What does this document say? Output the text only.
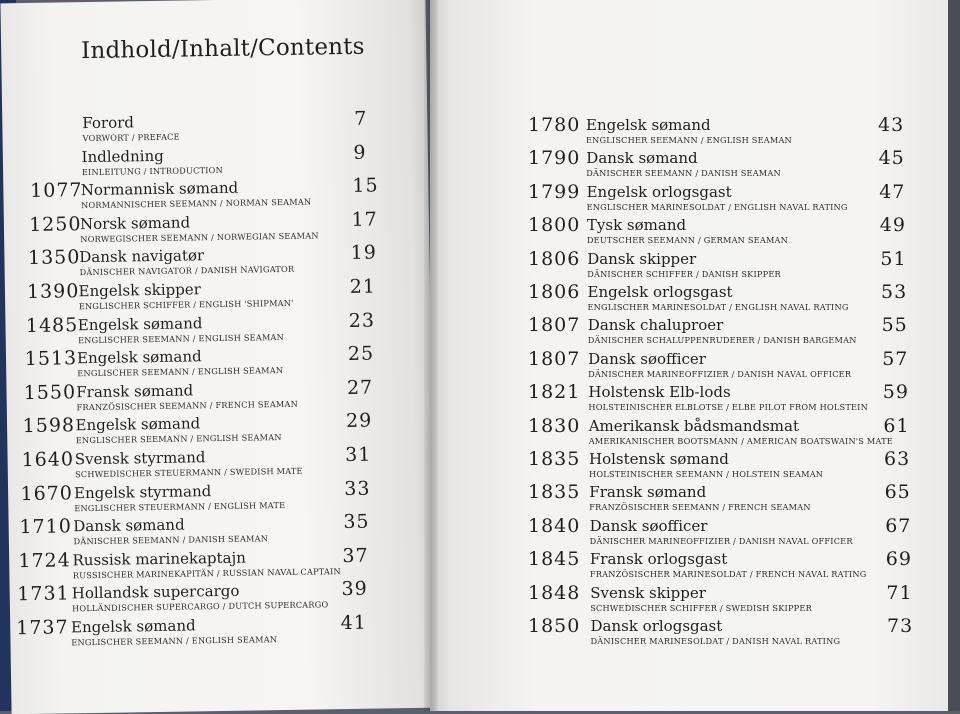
Indhold/Inhalt/Contents
Forord
VORWORT / PREFACE
7
Indledning
EINLEITUNG / INTRODUCTION
9
1077
Normannisk sømand
NORMANNISCHER SEEMANN / NORMAN SEAMAN
15
1250
Norsk sømand
NORWEGISCHER SEEMANN / NORWEGIAN SEAMAN
17
1350
Dansk navigatør
DÄNISCHER NAVIGATOR / DANISH NAVIGATOR
19
1390
Engelsk skipper
ENGLISCHER SCHIFFER / ENGLISH 'SHIPMAN'
21
1485 Engelsk sømand
ENGLISCHER SEEMANN / ENGLISH SEAMAN
23
1513 Engelsk sømand
ENGLISCHER SEEMANN / ENGLISH SEAMAN
25
1550 Fransk sømand
FRANZÖSISCHER SEEMANN / FRENCH SEAMAN
27
1598 Engelsk sømand
ENGLISCHER SEEMANN / ENGLISH SEAMAN
29
1640 Svensk styrmand
SCHWEDISCHER STEUERMANN / SWEDISH MATE
31
1670 Engelsk styrmand
ENGLISCHER STEUERMANN / ENGLISH MATE
33
1710 Dansk sømand
DÄNISCHER SEEMANN / DANISH SEAMAN
35
1724 Russisk marinekaptajn
RUSSISCHER MARINEKAPITÄN / RUSSIAN NAVAL CAPTAIN
37
1731 Hollandsk supercargo
HOLLÄNDISCHER SUPERCARGO / DUTCH SUPERCARGO
39
1737 Engelsk sømand
ENGLISCHER SEEMANN / ENGLISH SEAMAN
41
1780 Engelsk sømand
ENGLISCHER SEEMANN / ENGLISH SEAMAN
43
1790 Dansk sømand
DÄNISCHER SEEMANN / DANISH SEAMAN
45
1799 Engelsk orlogsgast
ENGLISCHER MARINESOLDAT / ENGLISH NAVAL RATING
47
1800 Tysk sømand
DEUTSCHER SEEMANN / GERMAN SEAMAN
49
1806 Dansk skipper
DÄNISCHER SCHIFFER / DANISH SKIPPER
51
1806 Engelsk orlogsgast
ENGLISCHER MARINESOLDAT / ENGLISH NAVAL RATING
53
1807 Dansk chaluproer
DÄNISCHER SCHALUPPENRUDERER / DANISH BARGEMAN
55
1807 Dansk søofficer
DÄNISCHER MARINEOFFIZIER / DANISH NAVAL OFFICER
57
1821 Holstensk Elb-lods
HOLSTEINISCHER ELBLOTSE / ELBE PILOT FROM HOLSTEIN
59
1830 Amerikansk bådsmandsmat
AMERIKANISCHER BOOTSMANN / AMERICAN BOATSWAIN'S MATE
61
1835 Holstensk sømand
HOLSTEINISCHER SEEMANN / HOLSTEIN SEAMAN
63
1835 Fransk sømand
FRANZÖSISCHER SEEMANN / FRENCH SEAMAN
65
1840 Dansk søofficer
DÄNISCHER MARINEOFFIZIER / DANISH NAVAL OFFICER
67
1845 Fransk orlogsgast
FRANZÖSISCHER MARINESOLDAT / FRENCH NAVAL RATING
69
1848 Svensk skipper
SCHWEDISCHER SCHIFFER / SWEDISH SKIPPER
71
1850 Dansk orlogsgast
DÄNISCHER MARINESOLDAT / DANISH NAVAL RATING
73
